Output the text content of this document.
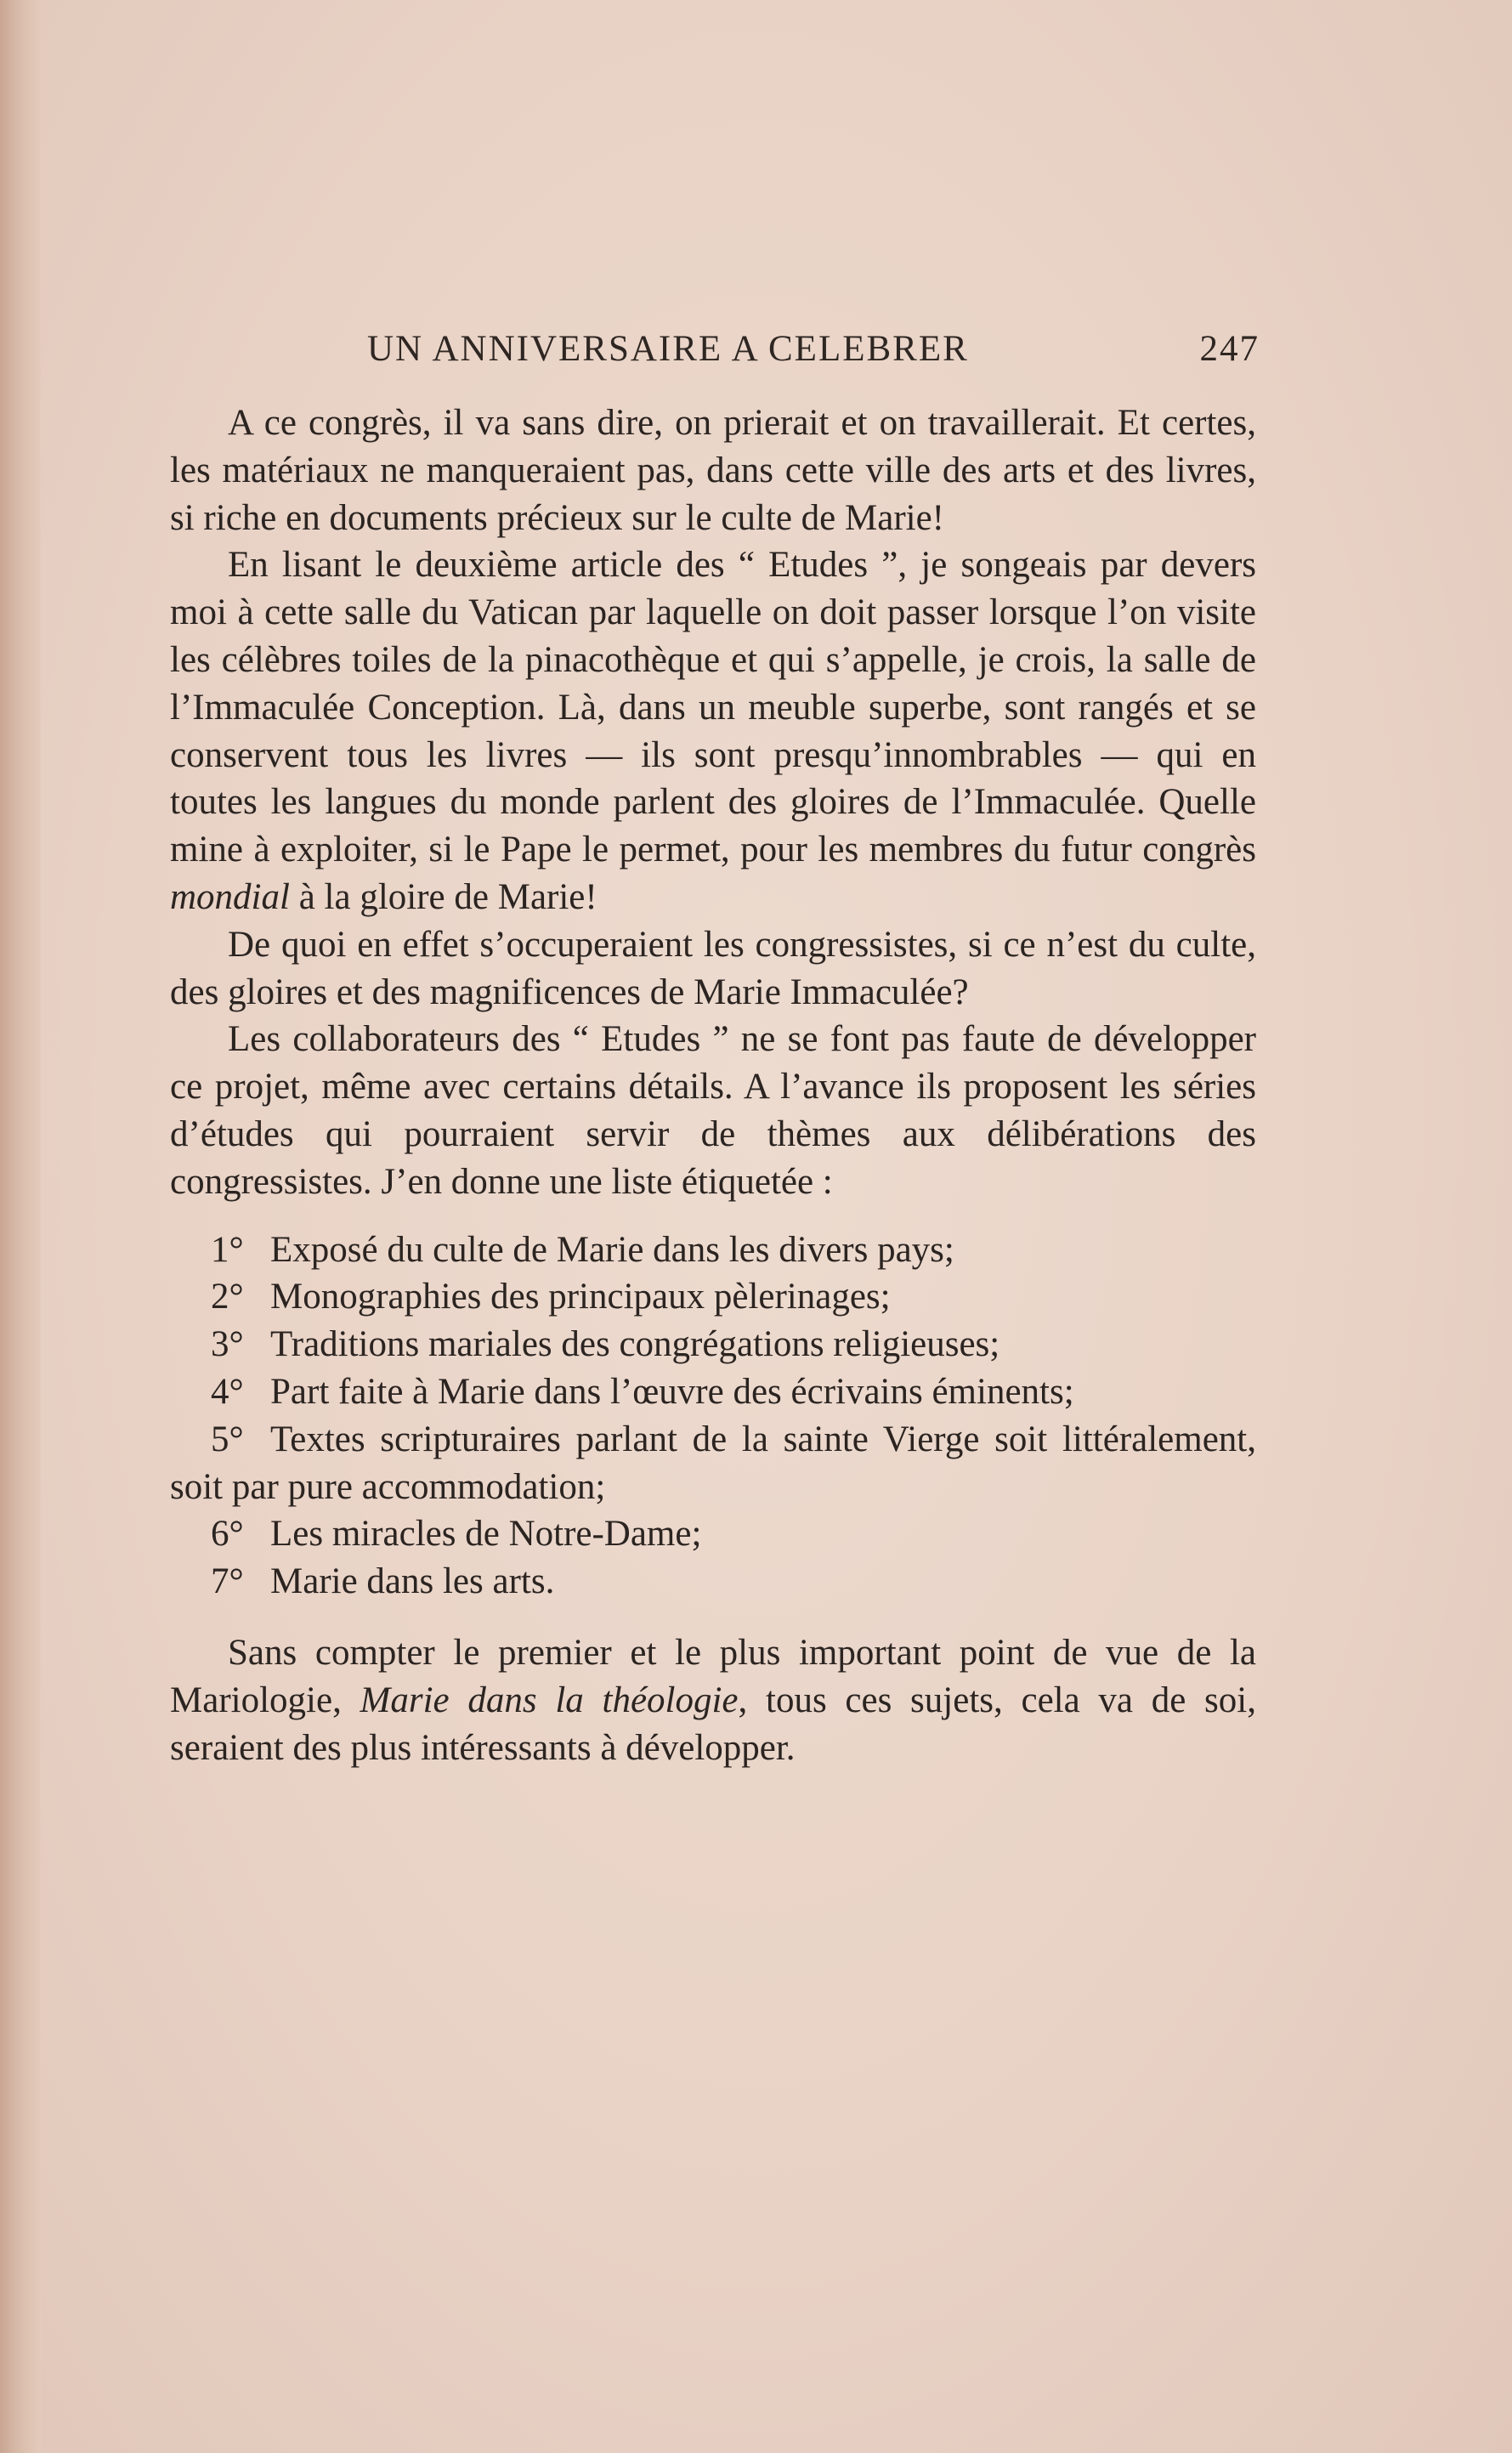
UN ANNIVERSAIRE A CELEBRER	247

A ce congrès, il va sans dire, on prierait et on travaillerait. Et certes, les matériaux ne manqueraient pas, dans cette ville des arts et des livres, si riche en documents précieux sur le culte de Marie!

En lisant le deuxième article des “ Etudes ”, je songeais par devers moi à cette salle du Vatican par laquelle on doit passer lorsque l’on visite les célèbres toiles de la pinacothèque et qui s’appelle, je crois, la salle de l’Immaculée Conception. Là, dans un meuble superbe, sont rangés et se conservent tous les livres — ils sont presqu’innombrables — qui en toutes les langues du monde parlent des gloires de l’Immaculée. Quelle mine à exploiter, si le Pape le permet, pour les membres du futur congrès mondial à la gloire de Marie!

De quoi en effet s’occuperaient les congressistes, si ce n’est du culte, des gloires et des magnificences de Marie Immaculée?

Les collaborateurs des “ Etudes ” ne se font pas faute de développer ce projet, même avec certains détails. A l’avance ils proposent les séries d’études qui pourraient servir de thèmes aux délibérations des congressistes. J’en donne une liste étiquetée :

1° Exposé du culte de Marie dans les divers pays;
2° Monographies des principaux pèlerinages;
3° Traditions mariales des congrégations religieuses;
4° Part faite à Marie dans l’œuvre des écrivains éminents;
5° Textes scripturaires parlant de la sainte Vierge soit littéralement, soit par pure accommodation;
6° Les miracles de Notre-Dame;
7° Marie dans les arts.

Sans compter le premier et le plus important point de vue de la Mariologie, Marie dans la théologie, tous ces sujets, cela va de soi, seraient des plus intéressants à développer.
